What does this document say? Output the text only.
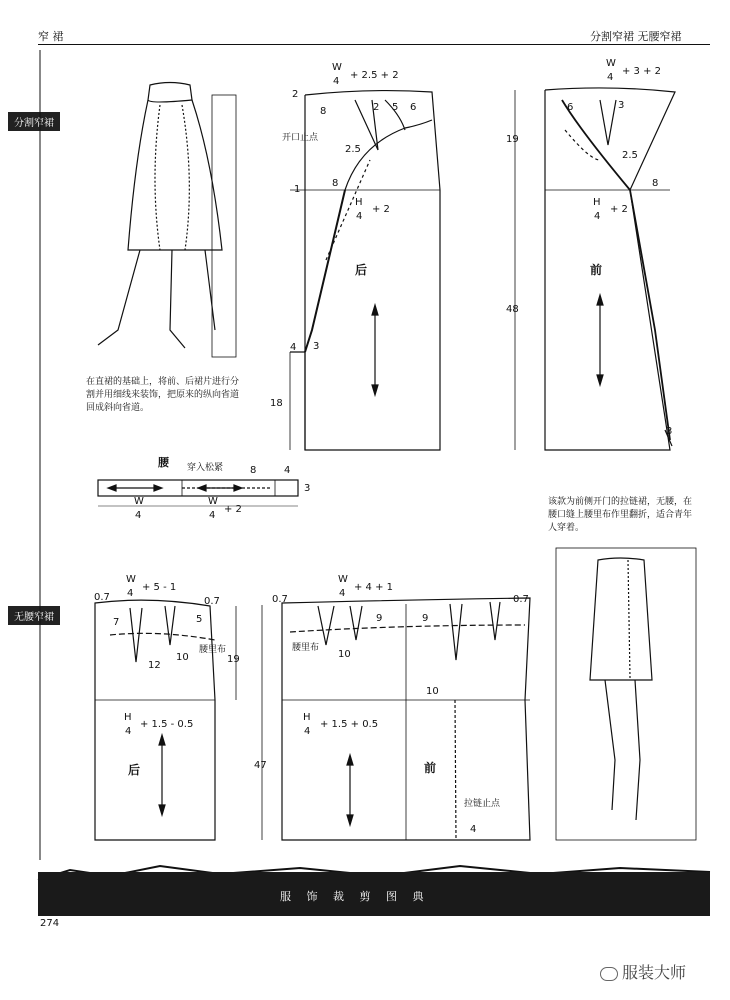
窄 裙	分割窄裙 无腰窄裙
分割窄裙
无腰窄裙
在直裙的基础上，将前、后裙片进行分割并用细线来装饰，把原来的纵向省道回成斜向省道。
该款为前侧开门的拉链裙，无腰，在腰口缝上腰里布作里翻折，适合青年人穿着。
W
4
+ 2.5 + 2
2
8	2 5 6
2.5
开口止点
1
8
H
4
+ 2
后
4 3
18
W
4
+ 3 + 2
6	3
2.5
19
8
H
4
+ 2
前
48
3
腰 穿入松紧	8	4
3
W
4
W
4
+ 2
W
4
+ 5 - 1
0.7	0.7
7	5
12
10
腰里布
19
H
4
+ 1.5 - 0.5
后	47
W
4
+ 4 + 1
0.7	0.7
9	9
腰里布
10
10
H
4
+ 1.5 + 0.5
前
拉链止点
4
服 饰 裁 剪 图 典
274
服装大师
